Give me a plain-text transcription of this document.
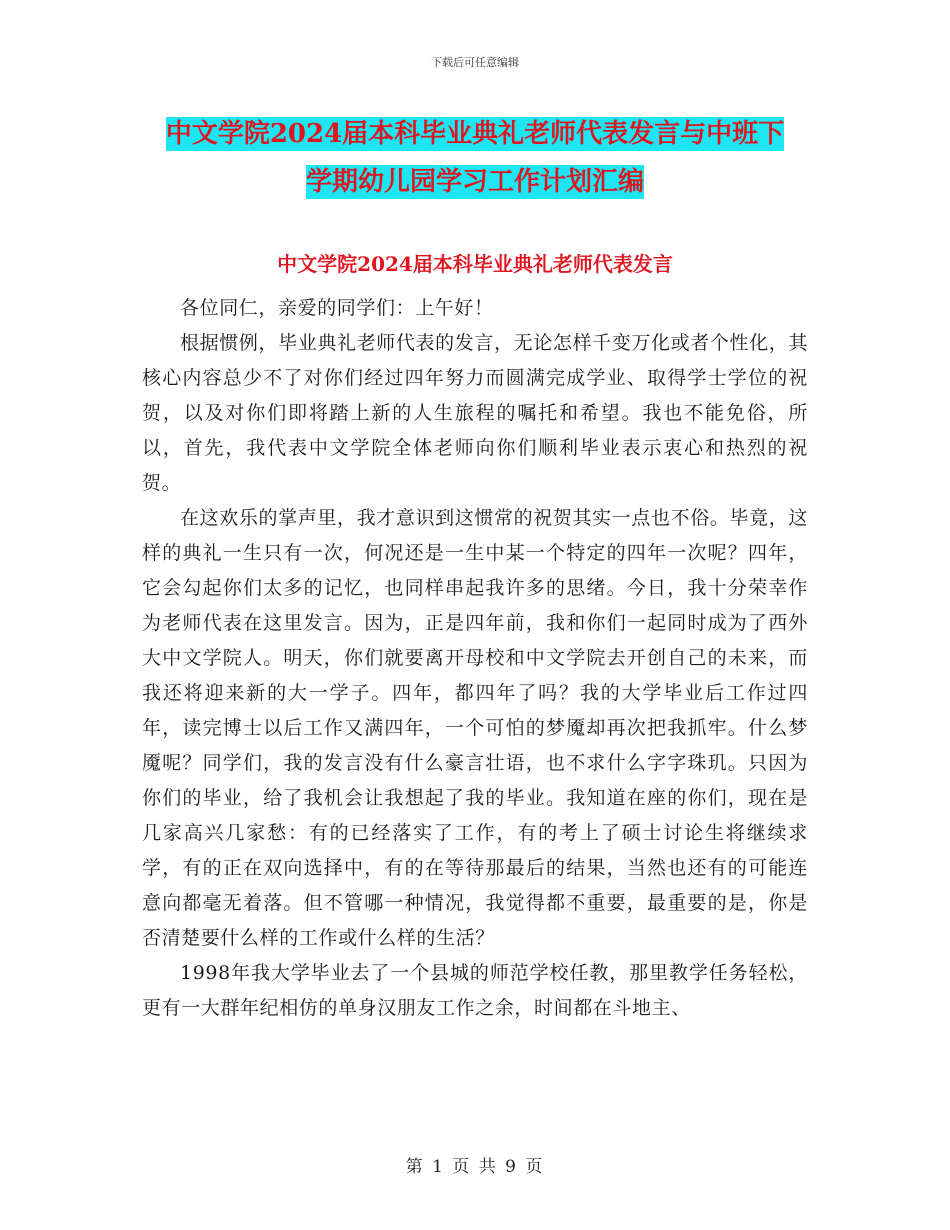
下载后可任意编辑
中文学院2024届本科毕业典礼老师代表发言与中班下
学期幼儿园学习工作计划汇编
中文学院2024届本科毕业典礼老师代表发言

各位同仁，亲爱的同学们：上午好！

根据惯例，毕业典礼老师代表的发言，无论怎样千变万化或者个性化，其核心内容总少不了对你们经过四年努力而圆满完成学业、取得学士学位的祝贺，以及对你们即将踏上新的人生旅程的嘱托和希望。我也不能免俗，所以，首先，我代表中文学院全体老师向你们顺利毕业表示衷心和热烈的祝贺。

在这欢乐的掌声里，我才意识到这惯常的祝贺其实一点也不俗。毕竟，这样的典礼一生只有一次，何况还是一生中某一个特定的四年一次呢？四年，它会勾起你们太多的记忆，也同样串起我许多的思绪。今日，我十分荣幸作为老师代表在这里发言。因为，正是四年前，我和你们一起同时成为了西外大中文学院人。明天，你们就要离开母校和中文学院去开创自己的未来，而我还将迎来新的大一学子。四年，都四年了吗？我的大学毕业后工作过四年，读完博士以后工作又满四年，一个可怕的梦魇却再次把我抓牢。什么梦魇呢？同学们，我的发言没有什么豪言壮语，也不求什么字字珠玑。只因为你们的毕业，给了我机会让我想起了我的毕业。我知道在座的你们，现在是几家高兴几家愁：有的已经落实了工作，有的考上了硕士讨论生将继续求学，有的正在双向选择中，有的在等待那最后的结果，当然也还有的可能连意向都毫无着落。但不管哪一种情况，我觉得都不重要，最重要的是，你是否清楚要什么样的工作或什么样的生活？

1998年我大学毕业去了一个县城的师范学校任教，那里教学任务轻松，更有一大群年纪相仿的单身汉朋友工作之余，时间都在斗地主、

第 1 页 共 9 页
